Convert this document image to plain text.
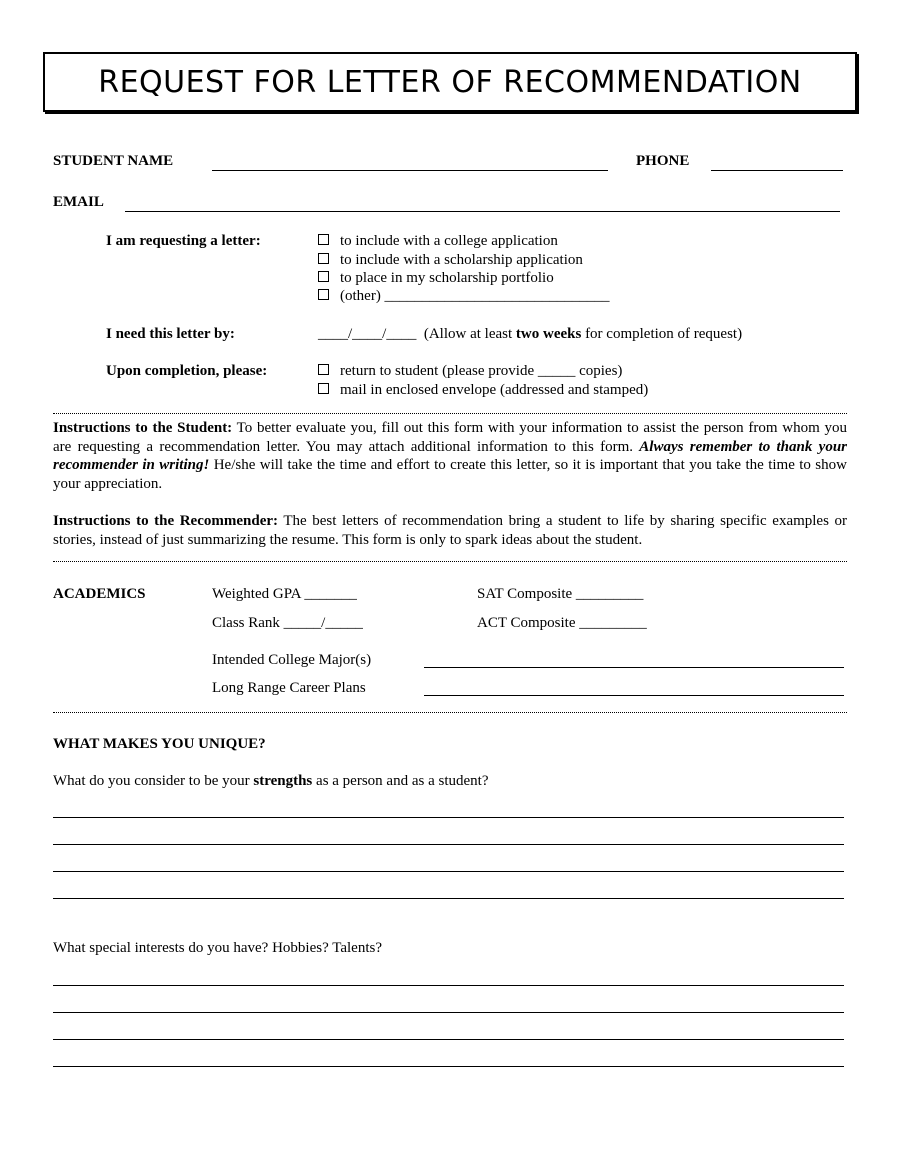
REQUEST FOR LETTER OF RECOMMENDATION
STUDENT NAME	PHONE
EMAIL
I am requesting a letter:	to include with a college application
to include with a scholarship application
to place in my scholarship portfolio
(other) ______________________________
I need this letter by:	____/____/____ (Allow at least two weeks for completion of request)
Upon completion, please:	return to student (please provide _____ copies)
mail in enclosed envelope (addressed and stamped)
Instructions to the Student: To better evaluate you, fill out this form with your information to assist the person from whom you are requesting a recommendation letter. You may attach additional information to this form. Always remember to thank your recommender in writing! He/she will take the time and effort to create this letter, so it is important that you take the time to show your appreciation.
Instructions to the Recommender: The best letters of recommendation bring a student to life by sharing specific examples or stories, instead of just summarizing the resume. This form is only to spark ideas about the student.
ACADEMICS	Weighted GPA _______	SAT Composite _________
Class Rank _____/_____	ACT Composite _________
Intended College Major(s)
Long Range Career Plans
WHAT MAKES YOU UNIQUE?
What do you consider to be your strengths as a person and as a student?
What special interests do you have? Hobbies? Talents?
